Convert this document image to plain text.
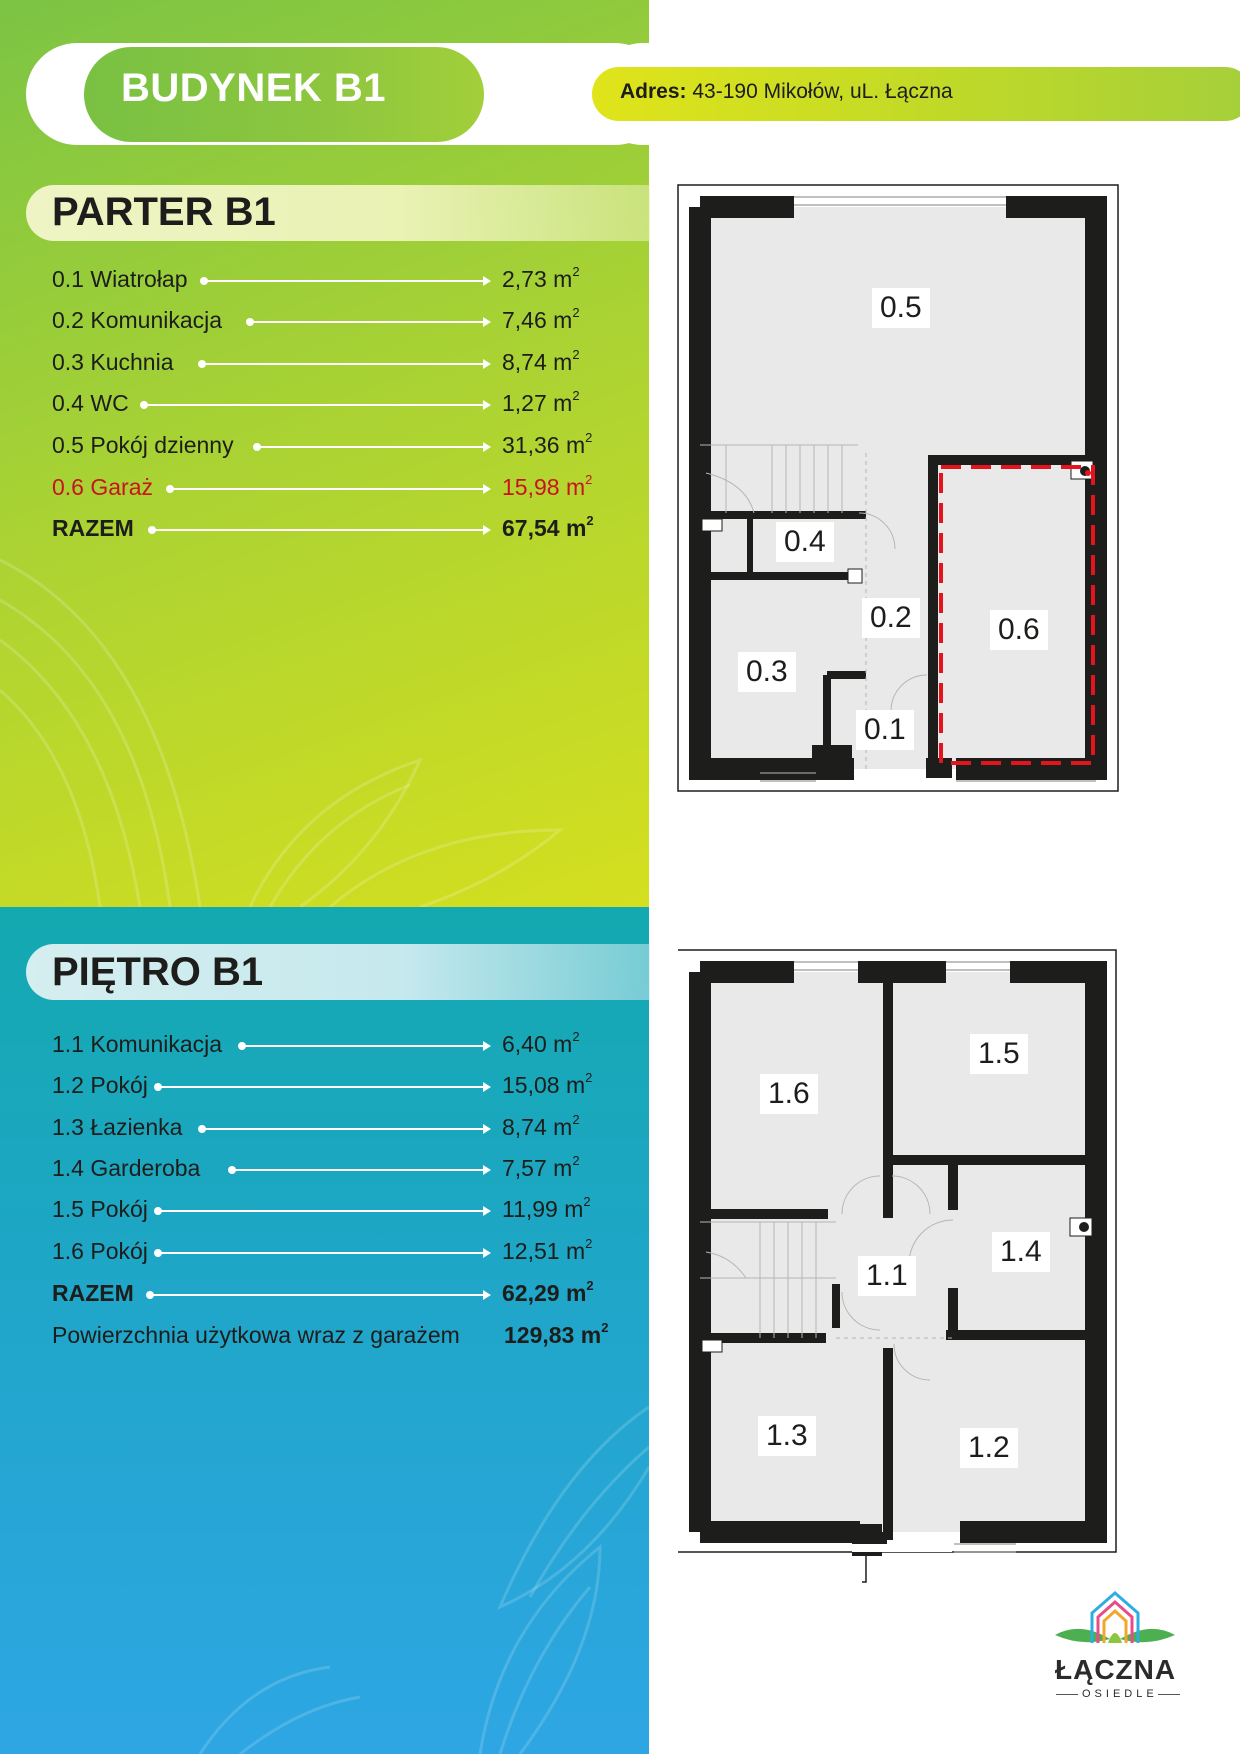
BUDYNEK B1	Adres: 43-190 Mikołów, uL. Łączna
PARTER B1
0.1 Wiatrołap	2,73 $m^2$
0.2 Komunikacja	7,46 $m^2$
0.3 Kuchnia	8,74 $m^2$
0.4 WC	1,27 $m^2$
0.5 Pokój dzienny	31,36 $m^2$
0.6 Garaż	15,98 $m^2$
RAZEM	67,54 $m^2$
PIĘTRO B1
1.1 Komunikacja	6,40 $m^2$
1.2 Pokój	15,08 $m^2$
1.3 Łazienka	8,74 $m^2$
1.4 Garderoba	7,57 $m^2$
1.5 Pokój	11,99 $m^2$
1.6 Pokój	12,51 $m^2$
RAZEM	62,29 $m^2$
Powierzchnia użytkowa wraz z garażem 129,83 $m^2$
0.5
0.4
0.2	0.6
0.3
0.1
1.6
1.5
1.4
1.1
1.3	1.2
ŁĄCZNA
OSIEDLE
